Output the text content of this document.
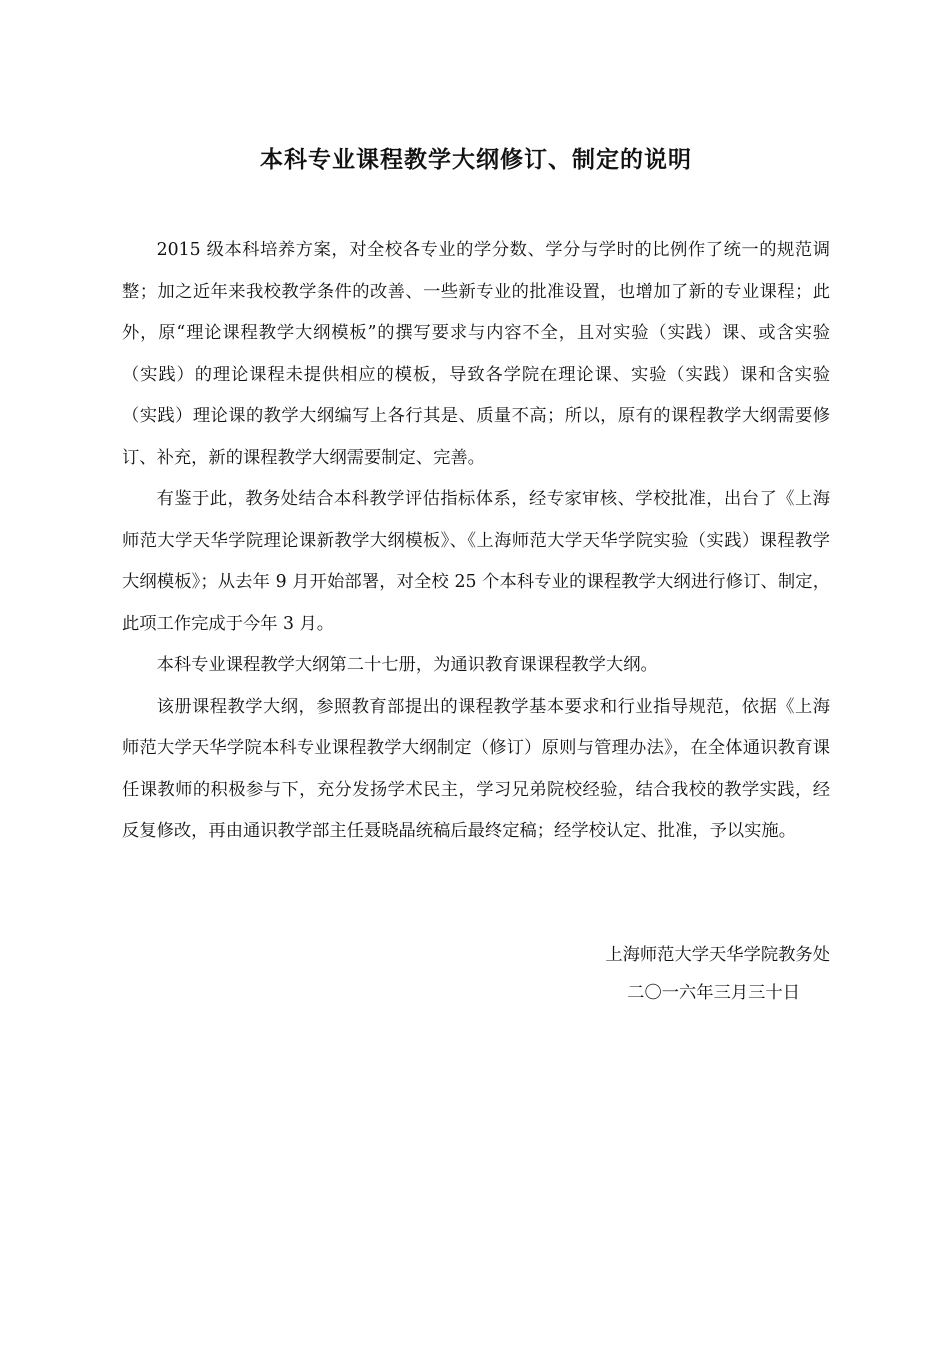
本科专业课程教学大纲修订、制定的说明

2015 级本科培养方案，对全校各专业的学分数、学分与学时的比例作了统一的规范调整；加之近年来我校教学条件的改善、一些新专业的批准设置，也增加了新的专业课程；此外，原“理论课程教学大纲模板”的撰写要求与内容不全，且对实验（实践）课、或含实验（实践）的理论课程未提供相应的模板，导致各学院在理论课、实验（实践）课和含实验（实践）理论课的教学大纲编写上各行其是、质量不高；所以，原有的课程教学大纲需要修订、补充，新的课程教学大纲需要制定、完善。

有鉴于此，教务处结合本科教学评估指标体系，经专家审核、学校批准，出台了《上海师范大学天华学院理论课新教学大纲模板》、《上海师范大学天华学院实验（实践）课程教学大纲模板》；从去年 9 月开始部署，对全校 25 个本科专业的课程教学大纲进行修订、制定，此项工作完成于今年 3 月。

本科专业课程教学大纲第二十七册，为通识教育课课程教学大纲。

该册课程教学大纲，参照教育部提出的课程教学基本要求和行业指导规范，依据《上海师范大学天华学院本科专业课程教学大纲制定（修订）原则与管理办法》，在全体通识教育课任课教师的积极参与下，充分发扬学术民主，学习兄弟院校经验，结合我校的教学实践，经反复修改，再由通识教学部主任聂晓晶统稿后最终定稿；经学校认定、批准，予以实施。

上海师范大学天华学院教务处
二〇一六年三月三十日
